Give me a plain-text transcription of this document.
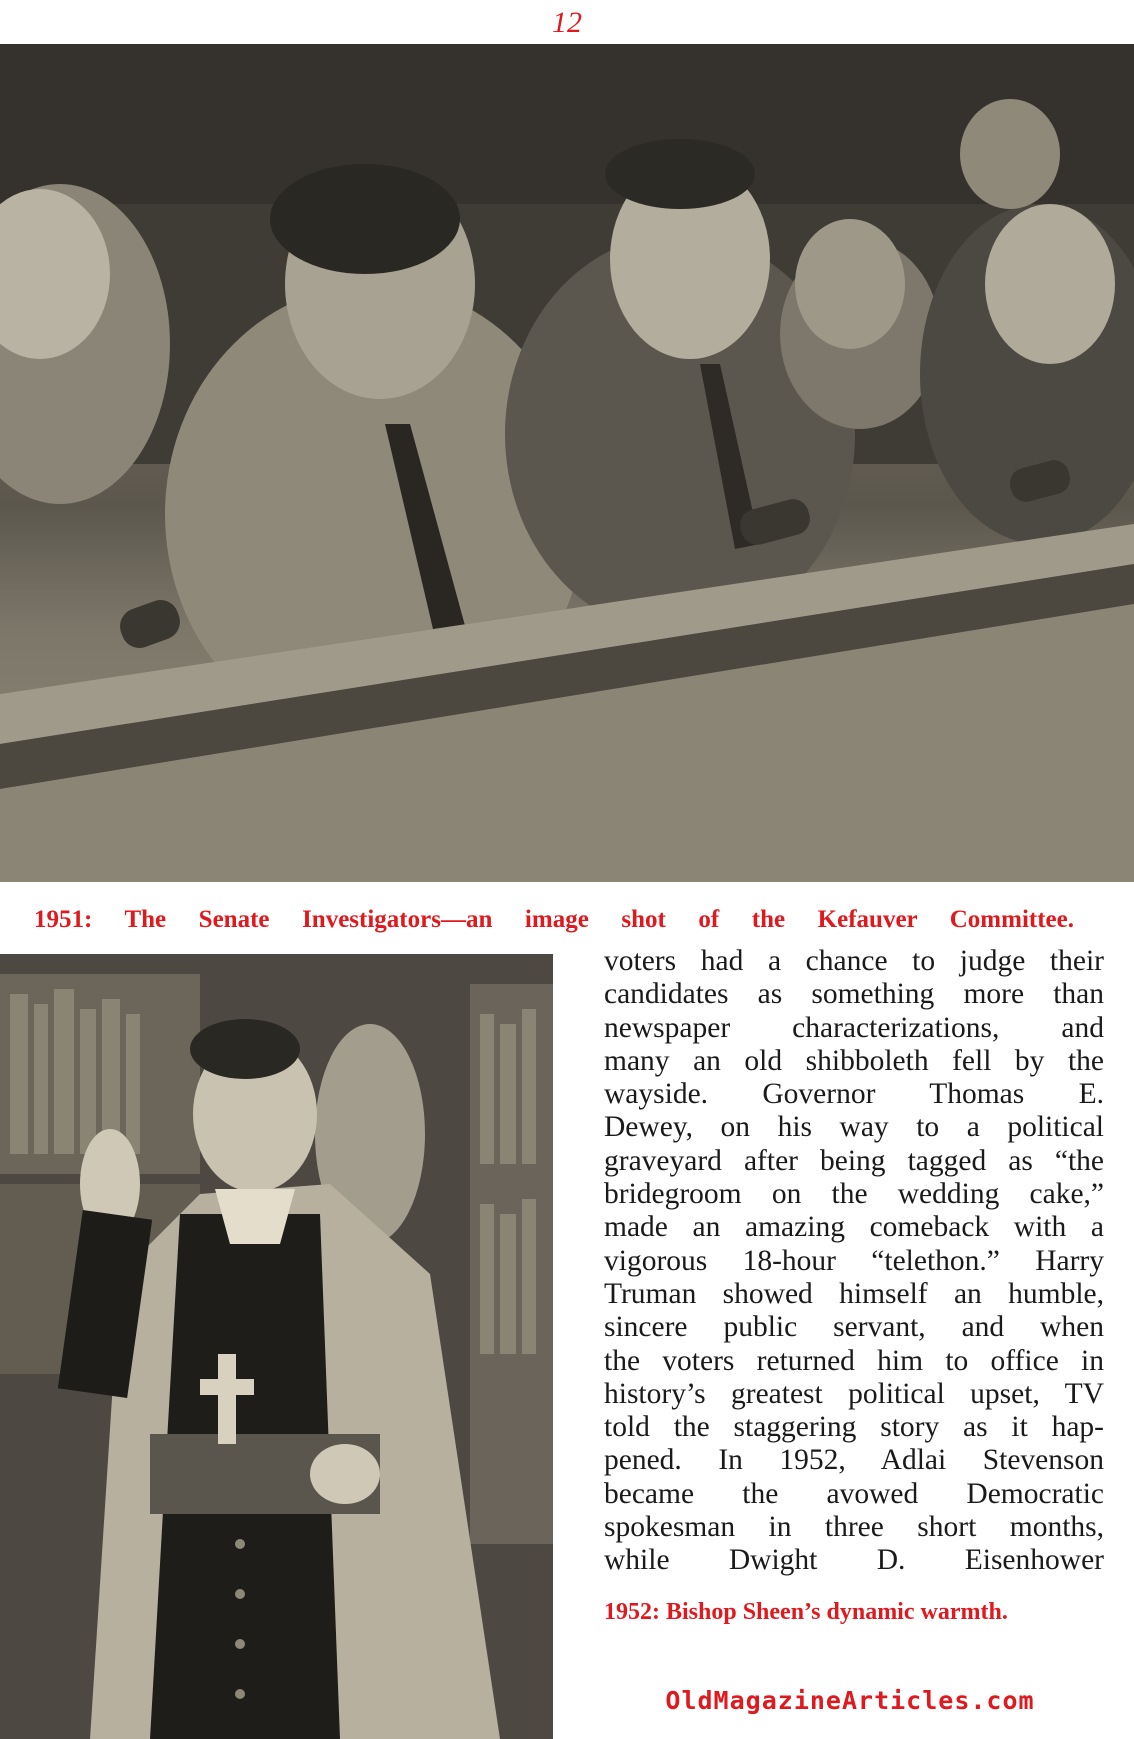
12
1951: The Senate Investigators—an image shot of the Kefauver Committee.
voters had a chance to judge their
candidates as something more than
newspaper characterizations, and
many an old shibboleth fell by the
wayside. Governor Thomas E.
Dewey, on his way to a political
graveyard after being tagged as “the
bridegroom on the wedding cake,”
made an amazing comeback with a
vigorous 18-hour “telethon.” Harry
Truman showed himself an humble,
sincere public servant, and when
the voters returned him to office in
history’s greatest political upset, TV
told the staggering story as it hap-
pened. In 1952, Adlai Stevenson
became the avowed Democratic
spokesman in three short months,
while Dwight D. Eisenhower
1952: Bishop Sheen’s dynamic warmth.
OldMagazineArticles.com
